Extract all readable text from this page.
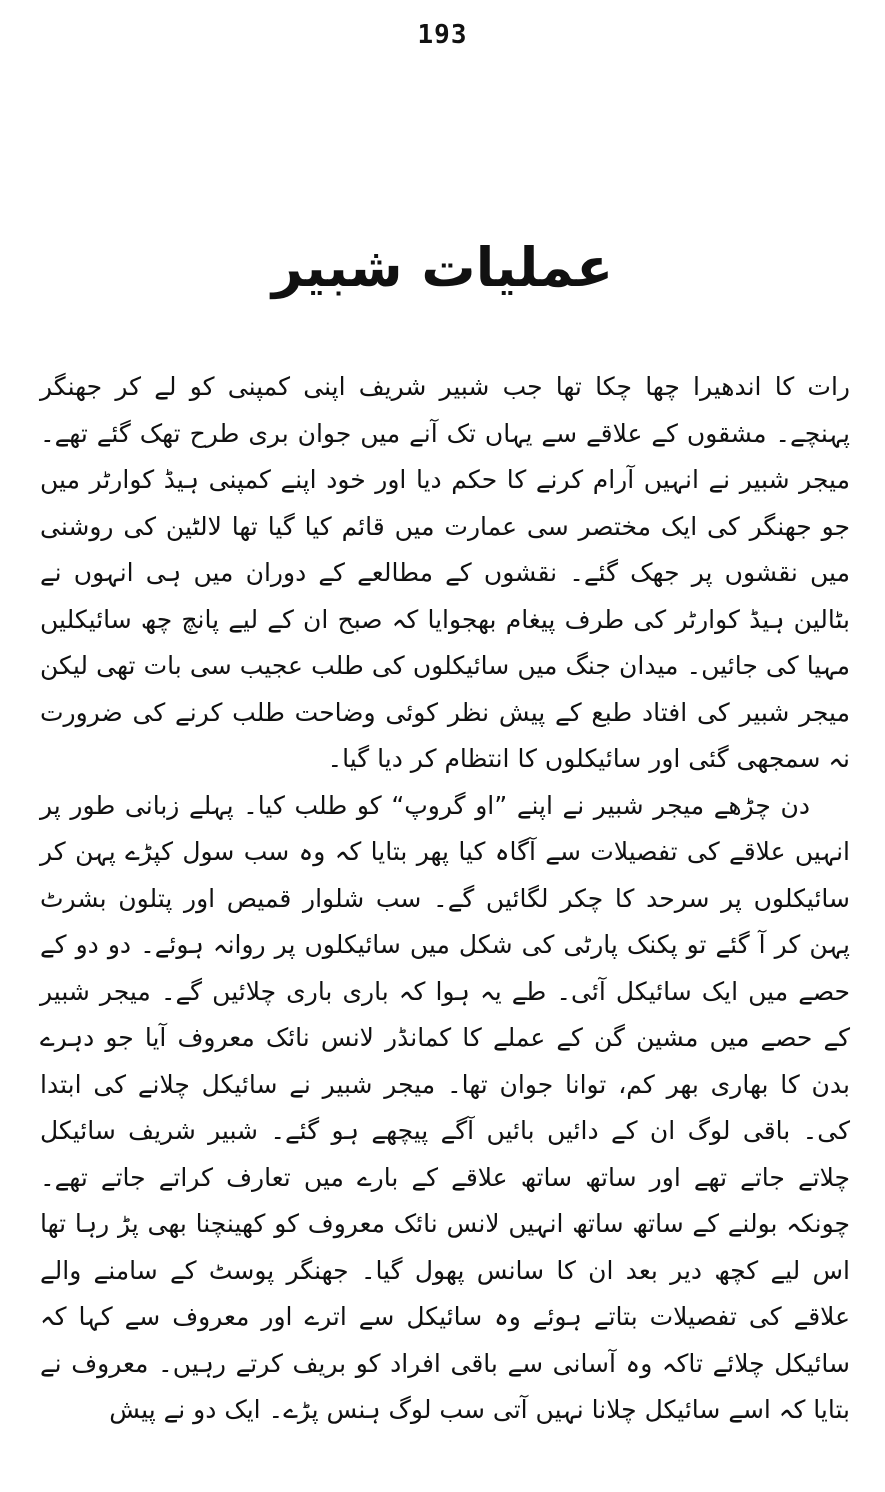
193
عملیات شبیر

رات کا اندھیرا چھا چکا تھا جب شبیر شریف اپنی کمپنی کو لے کر جھنگر پہنچے۔ مشقوں کے علاقے سے یہاں تک آنے میں جوان بری طرح تھک گئے تھے۔ میجر شبیر نے انہیں آرام کرنے کا حکم دیا اور خود اپنے کمپنی ہیڈ کوارٹر میں جو جھنگر کی ایک مختصر سی عمارت میں قائم کیا گیا تھا لالٹین کی روشنی میں نقشوں پر جھک گئے۔ نقشوں کے مطالعے کے دوران میں ہی انہوں نے بٹالین ہیڈ کوارٹر کی طرف پیغام بھجوایا کہ صبح ان کے لیے پانچ چھ سائیکلیں مہیا کی جائیں۔ میدان جنگ میں سائیکلوں کی طلب عجیب سی بات تھی لیکن میجر شبیر کی افتاد طبع کے پیش نظر کوئی وضاحت طلب کرنے کی ضرورت نہ سمجھی گئی اور سائیکلوں کا انتظام کر دیا گیا۔

دن چڑھے میجر شبیر نے اپنے ”او گروپ“ کو طلب کیا۔ پہلے زبانی طور پر انہیں علاقے کی تفصیلات سے آگاہ کیا پھر بتایا کہ وہ سب سول کپڑے پہن کر سائیکلوں پر سرحد کا چکر لگائیں گے۔ سب شلوار قمیص اور پتلون بشرٹ پہن کر آ گئے تو پکنک پارٹی کی شکل میں سائیکلوں پر روانہ ہوئے۔ دو دو کے حصے میں ایک سائیکل آئی۔ طے یہ ہوا کہ باری باری چلائیں گے۔ میجر شبیر کے حصے میں مشین گن کے عملے کا کمانڈر لانس نائک معروف آیا جو دہرے بدن کا بھاری بھر کم، توانا جوان تھا۔ میجر شبیر نے سائیکل چلانے کی ابتدا کی۔ باقی لوگ ان کے دائیں بائیں آگے پیچھے ہو گئے۔ شبیر شریف سائیکل چلاتے جاتے تھے اور ساتھ ساتھ علاقے کے بارے میں تعارف کراتے جاتے تھے۔ چونکہ بولنے کے ساتھ ساتھ انہیں لانس نائک معروف کو کھینچنا بھی پڑ رہا تھا اس لیے کچھ دیر بعد ان کا سانس پھول گیا۔ جھنگر پوسٹ کے سامنے والے علاقے کی تفصیلات بتاتے ہوئے وہ سائیکل سے اترے اور معروف سے کہا کہ سائیکل چلائے تاکہ وہ آسانی سے باقی افراد کو بریف کرتے رہیں۔ معروف نے بتایا کہ اسے سائیکل چلانا نہیں آتی سب لوگ ہنس پڑے۔ ایک دو نے پیش
